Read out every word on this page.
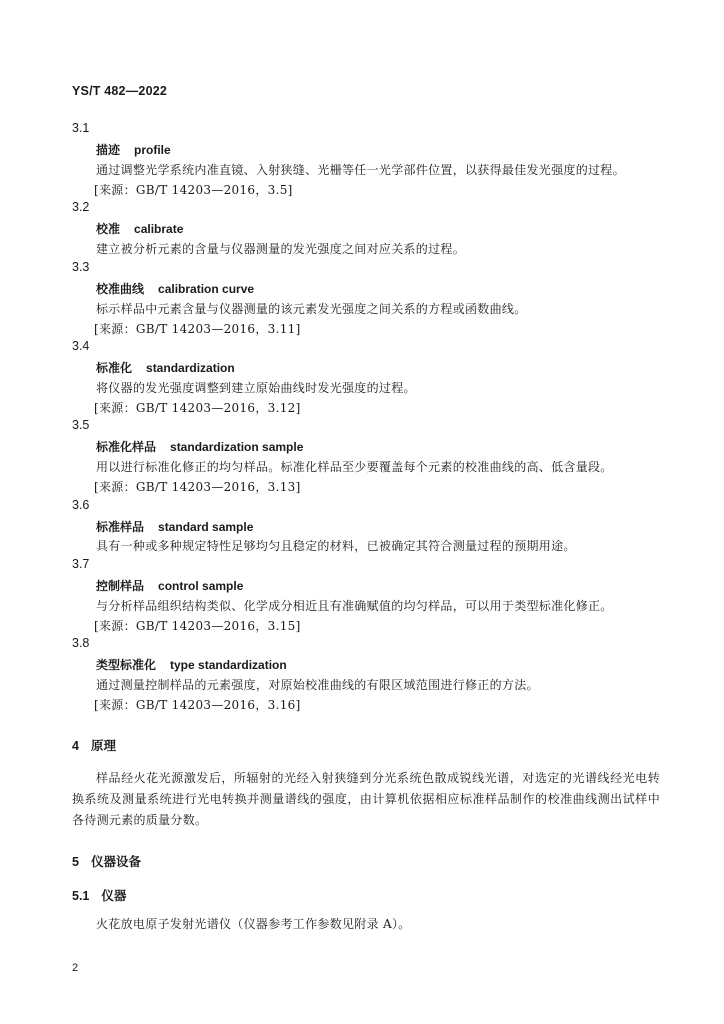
YS/T 482—2022
3.1
描迹 profile
通过调整光学系统内准直镜、入射狭缝、光栅等任一光学部件位置，以获得最佳发光强度的过程。
[来源：GB/T 14203—2016，3.5]
3.2
校准 calibrate
建立被分析元素的含量与仪器测量的发光强度之间对应关系的过程。
3.3
校准曲线 calibration curve
标示样品中元素含量与仪器测量的该元素发光强度之间关系的方程或函数曲线。
[来源：GB/T 14203—2016，3.11]
3.4
标准化 standardization
将仪器的发光强度调整到建立原始曲线时发光强度的过程。
[来源：GB/T 14203—2016，3.12]
3.5
标准化样品 standardization sample
用以进行标准化修正的均匀样品。标准化样品至少要覆盖每个元素的校准曲线的高、低含量段。
[来源：GB/T 14203—2016，3.13]
3.6
标准样品 standard sample
具有一种或多种规定特性足够均匀且稳定的材料，已被确定其符合测量过程的预期用途。
3.7
控制样品 control sample
与分析样品组织结构类似、化学成分相近且有准确赋值的均匀样品，可以用于类型标准化修正。
[来源：GB/T 14203—2016，3.15]
3.8
类型标准化 type standardization
通过测量控制样品的元素强度，对原始校准曲线的有限区域范围进行修正的方法。
[来源：GB/T 14203—2016，3.16]
4 原理
样品经火花光源激发后，所辐射的光经入射狭缝到分光系统色散成锐线光谱，对选定的光谱线经光电转换系统及测量系统进行光电转换并测量谱线的强度，由计算机依据相应标准样品制作的校准曲线测出试样中各待测元素的质量分数。
5 仪器设备
5.1 仪器
火花放电原子发射光谱仪（仪器参考工作参数见附录 A）。
2
